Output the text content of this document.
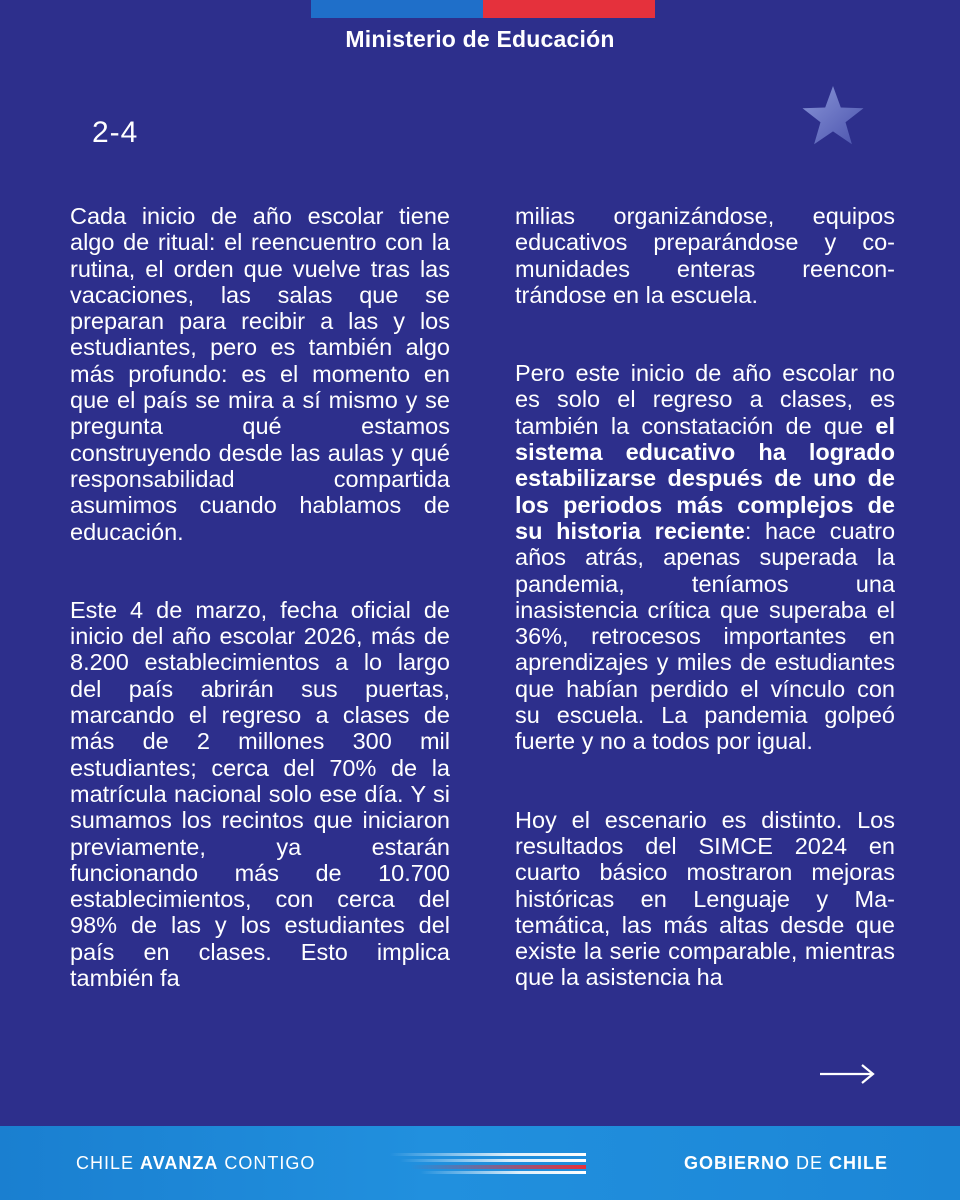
Ministerio de Educación
2-4

Cada inicio de año escolar tiene algo de ritual: el reencuentro con la rutina, el orden que vuelve tras las vacaciones, las salas que se preparan para recibir a las y los estudiantes, pero es también algo más profundo: es el momento en que el país se mira a sí mismo y se pregunta qué estamos construyendo desde las aulas y qué responsabilidad compartida asumimos cuando hablamos de educación.

Este 4 de marzo, fecha oficial de inicio del año escolar 2026, más de 8.200 establecimientos a lo largo del país abrirán sus puertas, marcando el regreso a clases de más de 2 millones 300 mil estudiantes; cerca del 70% de la matrícula nacional solo ese día. Y si sumamos los recintos que iniciaron previamente, ya estarán funcionando más de 10.700 establecimientos, con cerca del 98% de las y los estudiantes del país en clases. Esto implica también fa

milias organizándose, equipos educativos preparándose y comunidades enteras reencontrándose en la escuela.

Pero este inicio de año escolar no es solo el regreso a clases, es también la constatación de que el sistema educativo ha logrado estabilizarse después de uno de los periodos más complejos de su historia reciente: hace cuatro años atrás, apenas superada la pandemia, teníamos una inasistencia crítica que superaba el 36%, retrocesos importantes en aprendizajes y miles de estudiantes que habían perdido el vínculo con su escuela. La pandemia golpeó fuerte y no a todos por igual.

Hoy el escenario es distinto. Los resultados del SIMCE 2024 en cuarto básico mostraron mejoras históricas en Lenguaje y Matemática, las más altas desde que existe la serie comparable, mientras que la asistencia ha

CHILE AVANZA CONTIGO	GOBIERNO DE CHILE
